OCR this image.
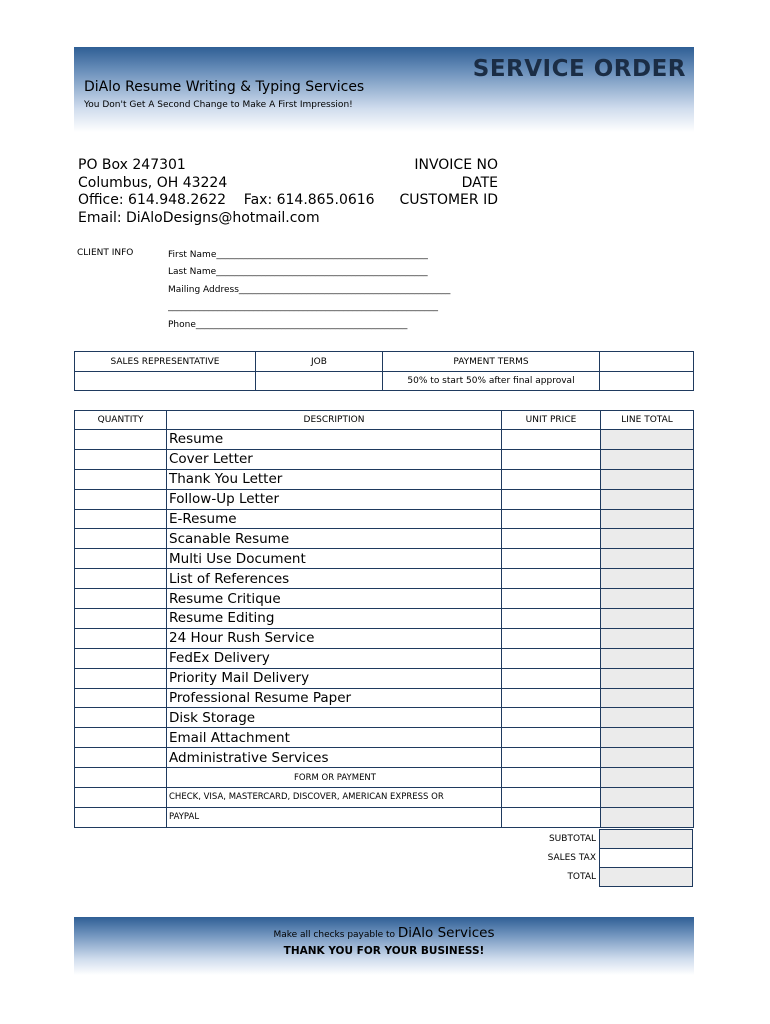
DiAlo Resume Writing & Typing Services
You Don't Get A Second Change to Make A First Impression!
SERVICE ORDER
PO Box 247301
Columbus, OH 43224
Office: 614.948.2622    Fax: 614.865.0616
Email: DiAloDesigns@hotmail.com
INVOICE NO
DATE
CUSTOMER ID
CLIENT INFO	First Name_______________________________________________
Last Name_______________________________________________
Mailing Address_______________________________________________
____________________________________________________________
Phone_______________________________________________
SALES REPRESENTATIVE	JOB	PAYMENT TERMS	
		50% to start 50% after final approval	
QUANTITY	DESCRIPTION	UNIT PRICE	LINE TOTAL
	Resume		
	Cover Letter		
	Thank You Letter		
	Follow-Up Letter		
	E-Resume		
	Scanable Resume		
	Multi Use Document		
	List of References		
	Resume Critique		
	Resume Editing		
	24 Hour Rush Service		
	FedEx Delivery		
	Priority Mail Delivery		
	Professional Resume Paper		
	Disk Storage		
	Email Attachment		
	Administrative Services		
	FORM OR PAYMENT		
	CHECK, VISA, MASTERCARD, DISCOVER, AMERICAN EXPRESS OR		
	PAYPAL		
SUBTOTAL	
SALES TAX	
TOTAL	
Make all checks payable to DiAlo Services
THANK YOU FOR YOUR BUSINESS!
